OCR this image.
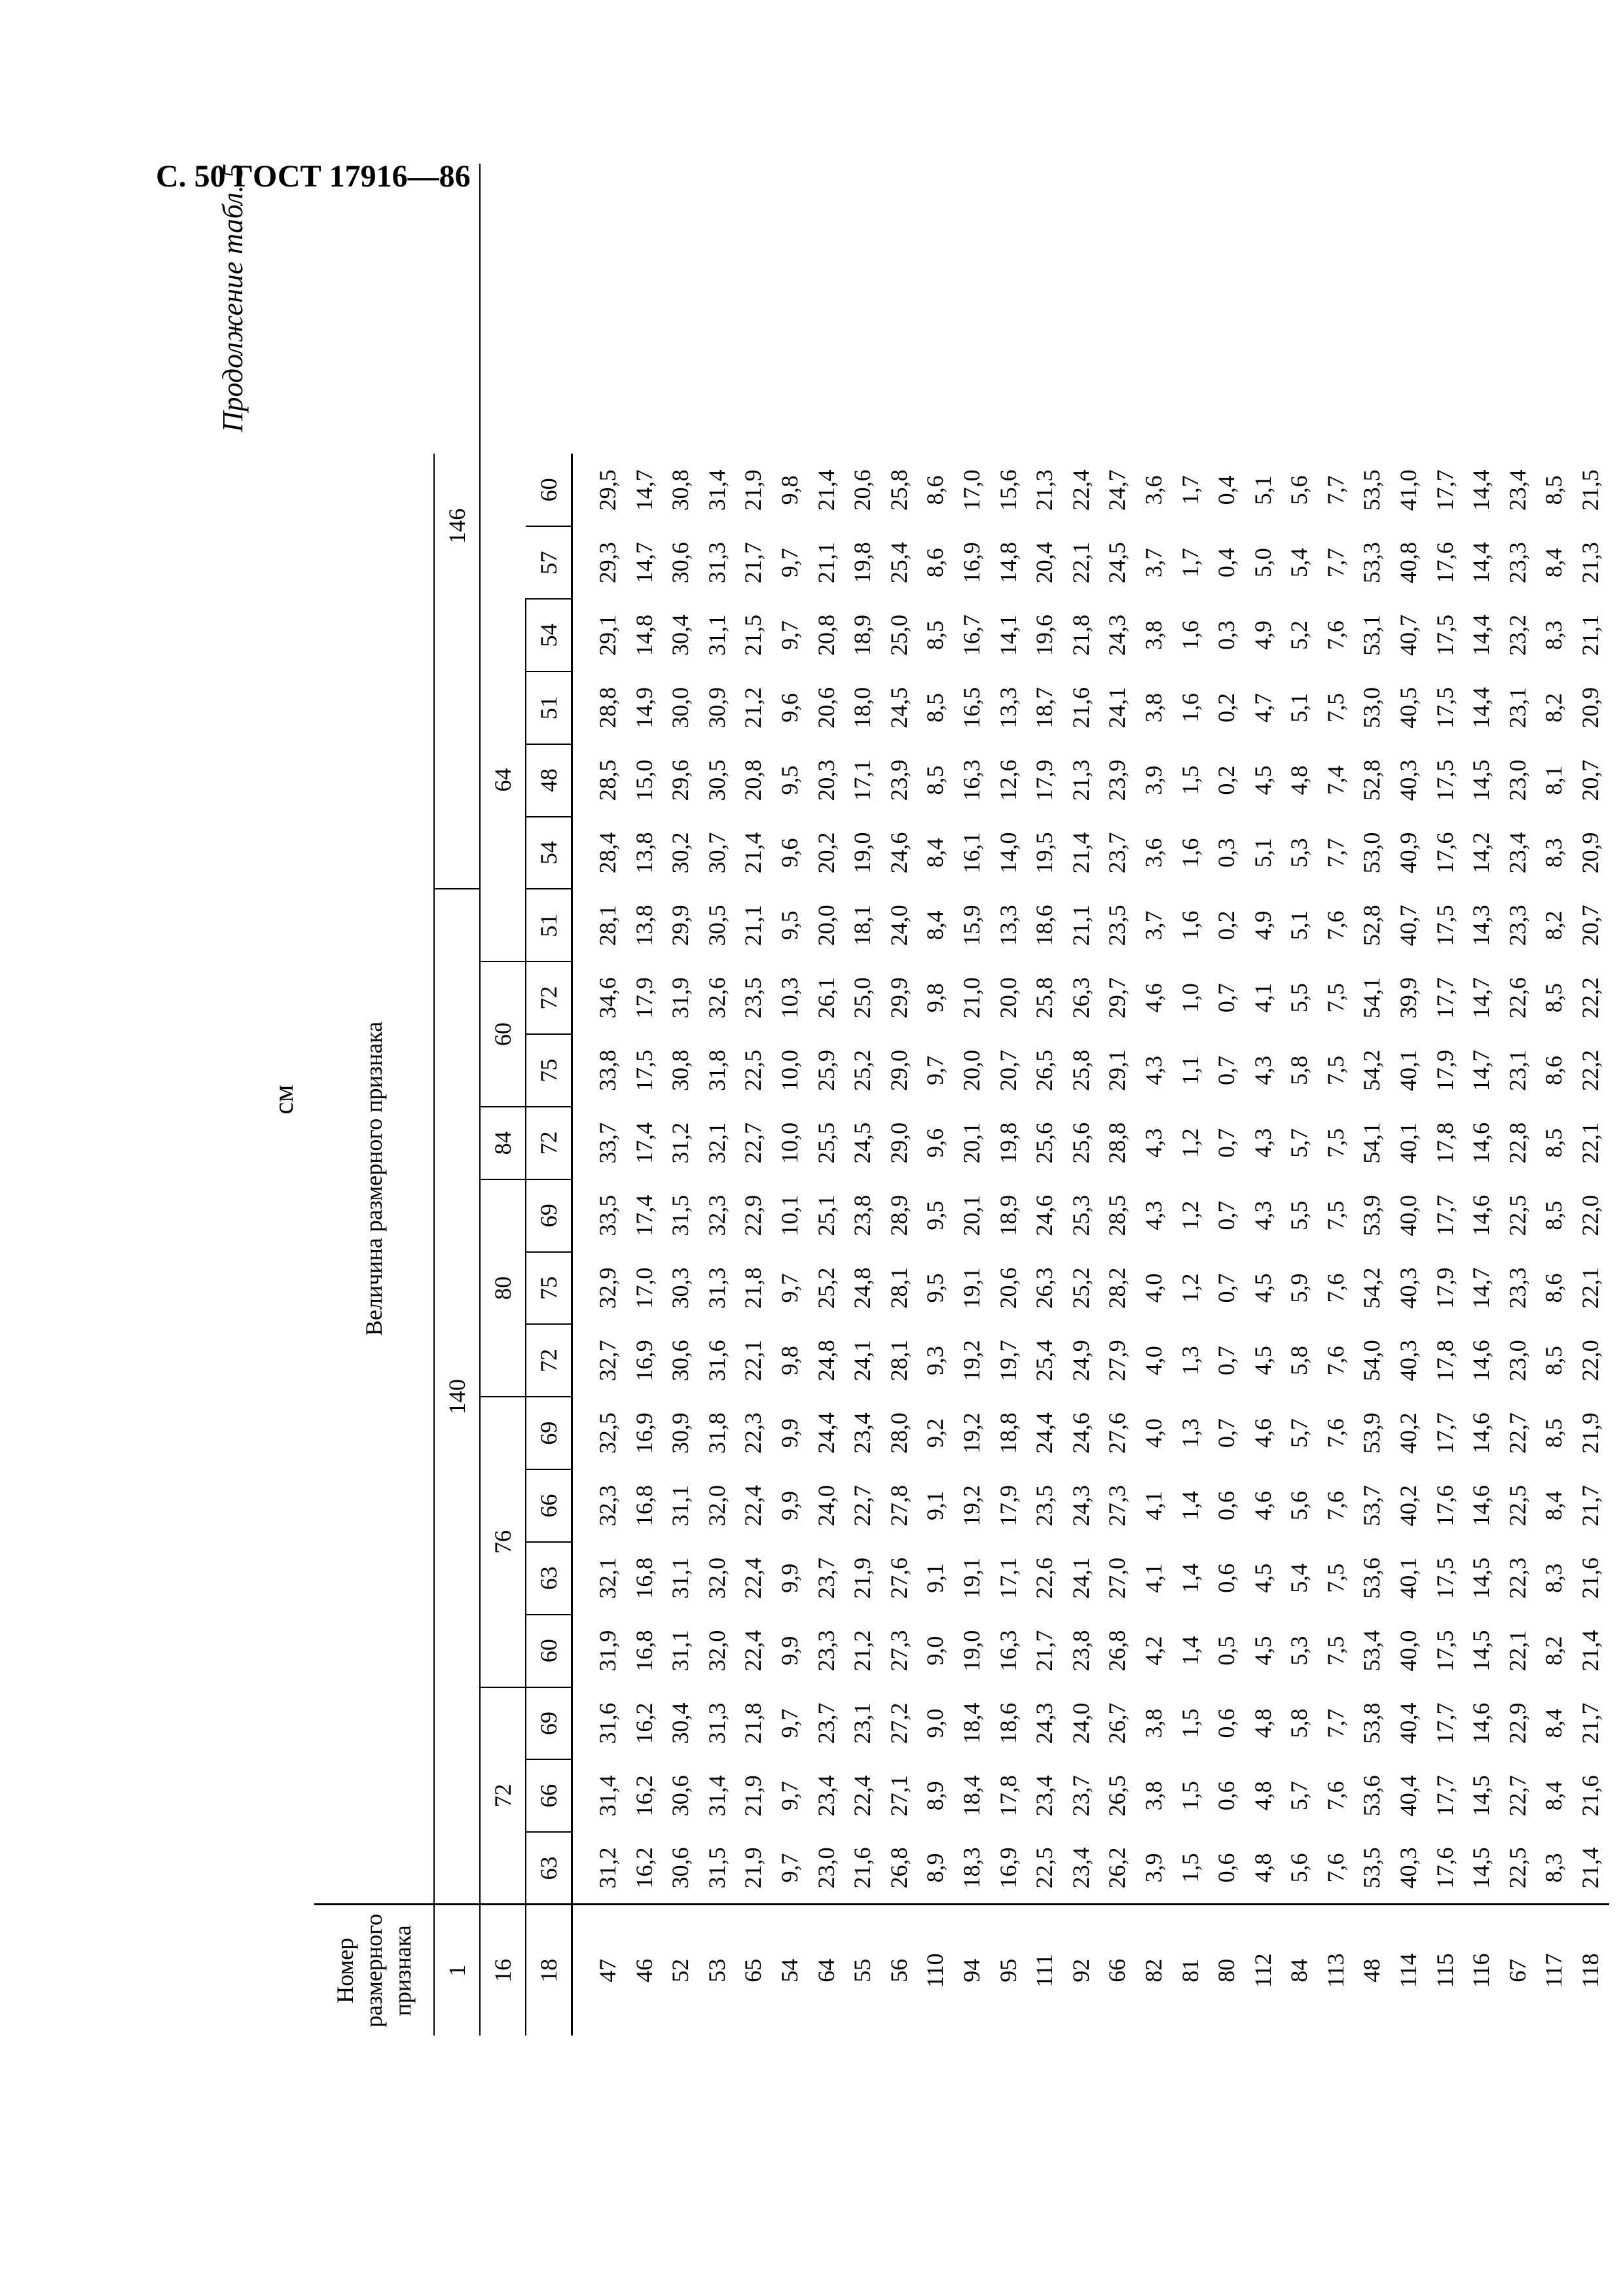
С. 50 ГОСТ 17916—86
Продолжение табл. 5
см
Номер размерного признака	Величина размерного признака																			
1	140														146					
16	72			76				80			84	60		64						
18	63	66	69	60	63	66	69	72	75	69	72	75	72	51	54	48	51	54	57	60
47	31,2	31,4	31,6	31,9	32,1	32,3	32,5	32,7	32,9	33,5	33,7	33,8	34,6	28,1	28,4	28,5	28,8	29,1	29,3	29,5
46	16,2	16,2	16,2	16,8	16,8	16,8	16,9	16,9	17,0	17,4	17,4	17,5	17,9	13,8	13,8	15,0	14,9	14,8	14,7	14,7
52	30,6	30,6	30,4	31,1	31,1	31,1	30,9	30,6	30,3	31,5	31,2	30,8	31,9	29,9	30,2	29,6	30,0	30,4	30,6	30,8
53	31,5	31,4	31,3	32,0	32,0	32,0	31,8	31,6	31,3	32,3	32,1	31,8	32,6	30,5	30,7	30,5	30,9	31,1	31,3	31,4
65	21,9	21,9	21,8	22,4	22,4	22,4	22,3	22,1	21,8	22,9	22,7	22,5	23,5	21,1	21,4	20,8	21,2	21,5	21,7	21,9
54	9,7	9,7	9,7	9,9	9,9	9,9	9,9	9,8	9,7	10,1	10,0	10,0	10,3	9,5	9,6	9,5	9,6	9,7	9,7	9,8
64	23,0	23,4	23,7	23,3	23,7	24,0	24,4	24,8	25,2	25,1	25,5	25,9	26,1	20,0	20,2	20,3	20,6	20,8	21,1	21,4
55	21,6	22,4	23,1	21,2	21,9	22,7	23,4	24,1	24,8	23,8	24,5	25,2	25,0	18,1	19,0	17,1	18,0	18,9	19,8	20,6
56	26,8	27,1	27,2	27,3	27,6	27,8	28,0	28,1	28,1	28,9	29,0	29,0	29,9	24,0	24,6	23,9	24,5	25,0	25,4	25,8
110	8,9	8,9	9,0	9,0	9,1	9,1	9,2	9,3	9,5	9,5	9,6	9,7	9,8	8,4	8,4	8,5	8,5	8,5	8,6	8,6
94	18,3	18,4	18,4	19,0	19,1	19,2	19,2	19,2	19,1	20,1	20,1	20,0	21,0	15,9	16,1	16,3	16,5	16,7	16,9	17,0
95	16,9	17,8	18,6	16,3	17,1	17,9	18,8	19,7	20,6	18,9	19,8	20,7	20,0	13,3	14,0	12,6	13,3	14,1	14,8	15,6
111	22,5	23,4	24,3	21,7	22,6	23,5	24,4	25,4	26,3	24,6	25,6	26,5	25,8	18,6	19,5	17,9	18,7	19,6	20,4	21,3
92	23,4	23,7	24,0	23,8	24,1	24,3	24,6	24,9	25,2	25,3	25,6	25,8	26,3	21,1	21,4	21,3	21,6	21,8	22,1	22,4
66	26,2	26,5	26,7	26,8	27,0	27,3	27,6	27,9	28,2	28,5	28,8	29,1	29,7	23,5	23,7	23,9	24,1	24,3	24,5	24,7
82	3,9	3,8	3,8	4,2	4,1	4,1	4,0	4,0	4,0	4,3	4,3	4,3	4,6	3,7	3,6	3,9	3,8	3,8	3,7	3,6
81	1,5	1,5	1,5	1,4	1,4	1,4	1,3	1,3	1,2	1,2	1,2	1,1	1,0	1,6	1,6	1,5	1,6	1,6	1,7	1,7
80	0,6	0,6	0,6	0,5	0,6	0,6	0,7	0,7	0,7	0,7	0,7	0,7	0,7	0,2	0,3	0,2	0,2	0,3	0,4	0,4
112	4,8	4,8	4,8	4,5	4,5	4,6	4,6	4,5	4,5	4,3	4,3	4,3	4,1	4,9	5,1	4,5	4,7	4,9	5,0	5,1
84	5,6	5,7	5,8	5,3	5,4	5,6	5,7	5,8	5,9	5,5	5,7	5,8	5,5	5,1	5,3	4,8	5,1	5,2	5,4	5,6
113	7,6	7,6	7,7	7,5	7,5	7,6	7,6	7,6	7,6	7,5	7,5	7,5	7,5	7,6	7,7	7,4	7,5	7,6	7,7	7,7
48	53,5	53,6	53,8	53,4	53,6	53,7	53,9	54,0	54,2	53,9	54,1	54,2	54,1	52,8	53,0	52,8	53,0	53,1	53,3	53,5
114	40,3	40,4	40,4	40,0	40,1	40,2	40,2	40,3	40,3	40,0	40,1	40,1	39,9	40,7	40,9	40,3	40,5	40,7	40,8	41,0
115	17,6	17,7	17,7	17,5	17,5	17,6	17,7	17,8	17,9	17,7	17,8	17,9	17,7	17,5	17,6	17,5	17,5	17,5	17,6	17,7
116	14,5	14,5	14,6	14,5	14,5	14,6	14,6	14,6	14,7	14,6	14,6	14,7	14,7	14,3	14,2	14,5	14,4	14,4	14,4	14,4
67	22,5	22,7	22,9	22,1	22,3	22,5	22,7	23,0	23,3	22,5	22,8	23,1	22,6	23,3	23,4	23,0	23,1	23,2	23,3	23,4
117	8,3	8,4	8,4	8,2	8,3	8,4	8,5	8,5	8,6	8,5	8,5	8,6	8,5	8,2	8,3	8,1	8,2	8,3	8,4	8,5
118	21,4	21,6	21,7	21,4	21,6	21,7	21,9	22,0	22,1	22,0	22,1	22,2	22,2	20,7	20,9	20,7	20,9	21,1	21,3	21,5
